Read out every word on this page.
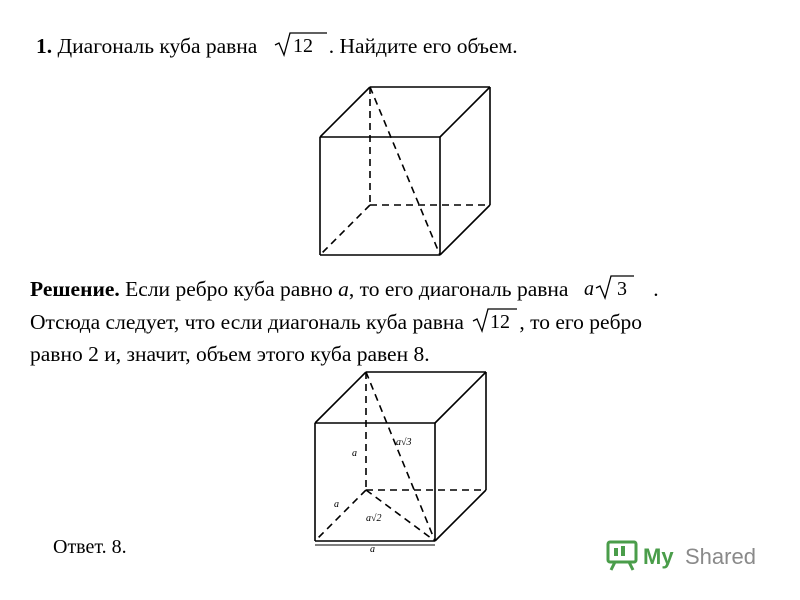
1. Диагональ куба равна 12 . Найдите его объем.
Решение. Если ребро куба равно a, то его диагональ равна a 3 .
Отсюда следует, что если диагональ куба равна 12 , то его ребро
равно 2 и, значит, объем этого куба равен 8.
a
a
a√2
a√3
a
Ответ. 8.	My Shared
